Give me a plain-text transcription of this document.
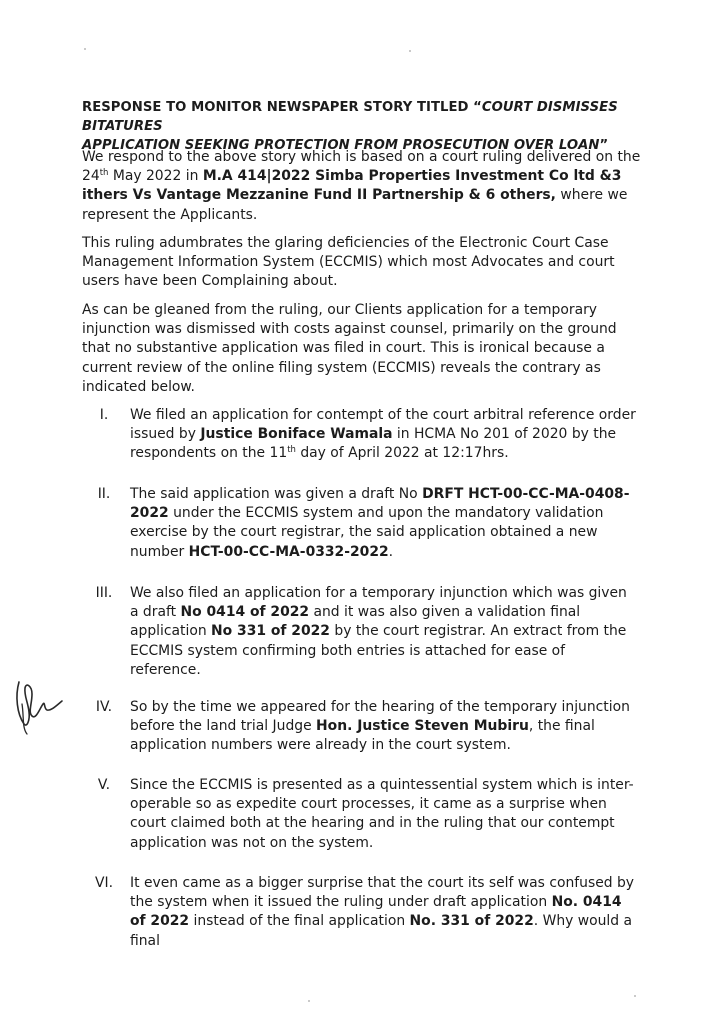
RESPONSE TO MONITOR NEWSPAPER STORY TITLED “COURT DISMISSES BITATURES
APPLICATION SEEKING PROTECTION FROM PROSECUTION OVER LOAN”

We respond to the above story which is based on a court ruling delivered on the 24th May 2022 in M.A 414|2022 Simba Properties Investment Co ltd &3 ithers Vs Vantage Mezzanine Fund II Partnership & 6 others, where we represent the Applicants.

This ruling adumbrates the glaring deficiencies of the Electronic Court Case Management Information System (ECCMIS) which most Advocates and court users have been Complaining about.

As can be gleaned from the ruling, our Clients application for a temporary injunction was dismissed with costs against counsel, primarily on the ground that no substantive application was filed in court. This is ironical because a current review of the online filing system (ECCMIS) reveals the contrary as indicated below.

I.	We filed an application for contempt of the court arbitral reference order issued by Justice Boniface Wamala in HCMA No 201 of 2020 by the respondents on the 11th day of April 2022 at 12:17hrs.
II.	The said application was given a draft No DRFT HCT-00-CC-MA-0408-2022 under the ECCMIS system and upon the mandatory validation exercise by the court registrar, the said application obtained a new number HCT-00-CC-MA-0332-2022.
III.	We also filed an application for a temporary injunction which was given a draft No 0414 of 2022 and it was also given a validation final application No 331 of 2022 by the court registrar. An extract from the ECCMIS system confirming both entries is attached for ease of reference.
IV.	So by the time we appeared for the hearing of the temporary injunction before the land trial Judge Hon. Justice Steven Mubiru, the final application numbers were already in the court system.
V.	Since the ECCMIS is presented as a quintessential system which is inter-operable so as expedite court processes, it came as a surprise when court claimed both at the hearing and in the ruling that our contempt application was not on the system.
VI.	It even came as a bigger surprise that the court its self was confused by the system when it issued the ruling under draft application No. 0414 of 2022 instead of the final application No. 331 of 2022. Why would a final
